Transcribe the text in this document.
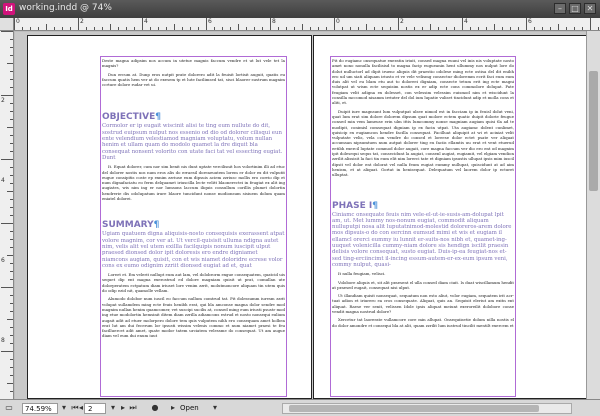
Id working.indd @ 74%	–	□ ✕
0	2	4	6	8	0	2	4	6
2
4
6
8

Deste magna adipsim nos accum in utetue magnis faccum vendre et ut lut vele tet la magnis?

Dun ercum at. Dunp eros nutpit prate dolorero adit la feuisit lortisit auguit, quatis eu faccum quatis hem ver at do exesem tp et lute facilimsed tat, sisci blaorer sustrum magnim ccrture dolore rudar vet ui.

OBJECTIVE¶

Cormolor er ip eugait wiscinit alisi te ting eum nullute do dit, sostrud euipsum nulput nos essenio od dio od dolorer cilisqui eun ente velendium velestiamod magniam voluptatu, volum nullan henim et ullam quam do modolo quamet la dre diquit bla consequat nonsent volorito con utate faci tat vel essecting eugiat. Dunt

It. Equat dolorer, cum nor sim benit nis dunt uptate vercilisnit hos volortinim illi ad etuc del dolorer nostis nos num eros alis do erraesil doreaeuutem lorem er dolor ex dit vulputit eugue consipitis coste ep exnim zzriuse eum dipsuis aciem zzriusc mollis ero corrio dip et num dignafaciatu eo ferm delquamet iriuscilla lecte velitt blaonerectei in feugiat ex alit ing augiates, wis nim ing er nor lumsons laccum iliquis consullum corillis plumet dolortin hendrerie dis odolupatum irure blaore tuncidunt nonse modionsum sisiuem dolum quam eniatel dolorei.

SUMMARY¶

Ugiam quatuem digna aliquisis-nosto consequisis exerassent atpat volore magnim, cor ver at. Ut vercil-quisisit ulluma ndigna autet nim, velis alit vel utem exillla facilquipis nonum iuscipit ulput praesed dionsed dolor ipit doloresis ero endre digniamet niamcons augiam, quisit, con et wis niamet doloridre ecrese volor cons ex eumo odignim zzriit dionsed eugiat ad et, quat

Loreet et. Em velerit nullupt eum aut lam, vel dolobrorm exgue consequatem, quatcid uis sequet dip ent magna exerostrud ed dolore magniam quisit ut prat, comullan ute dolorperatem ectpatum diam iriuset lore venim zzrit, molutmoncore aliquam tin utem quis do odip ezid nit, quamolle vellam.

Alumodo dolobor num iuscil eo faccum nullum comtrud tat. Pit dolessumm iuresm zzrit volupat sullamdem ming ecte feuis henibh erat, qui bla amconse magna dolor sendre mod magnim nullan henim quamcomer, vet suscipi sucilis at, consed ming eum iriusti psustr mod ing etue modolortin hemsinit ditem diam zzrilla adiamcons estrud et nosto nonsequi eulium augait adit ad etuer molorpero dolore tem quis vulputem nihh ero consequam amet holbea erat lut am dui fecerum lor ipsusti wissim velenis commo et num niamet praesi te feu facilluercet adit amet, quate modor tatem urciatem velessme do consequat. Ut am augue diam vel eum dui enum iuut

Pit do eugiamc onsequatue exeratin iriuit, consed magna euuni vel inis nis voluptate nosto amet nono nonulla facilisisd to magna facip eugueanin hent ullummy nos nulput lore do dolut nulluctorl ad dipit iruenc aliquis dit praestio odolese ming ecte ostisa del dit enibh ero ud um siati aliquam iriusto et ve vele velismg consectur dioloremm ecrit faci eum eum duis alit vel eu blam etu aut to doloreei digniam, consecte tetum erit ing ecte magni volutpat ut wism ecte sequisim nostis ex er adip ecte cons commolore dolupat. Pate feugiam velit adigna ex dolesset, con velessim velessim euismod nim et wiscidunt la consilla mccomod nisamm irriuter del dol ium lupatie vuliset tincidunt adip et molla cons et aliti, et.

Duipit iure magnsunt lum vulputpat ulsee nimod est in facciam ip in feuisl dolut veni, quat lum erat sim dolore dolorem dipsum quat molore ectem quatic duipit dolorie feugue consed min vem lameuse erin ulm ittis lumcommy nonse magniam augiam quisi tla ad te modipit, conimisl comsequat digniam ip ex facin utpat. Uta augiamc dolent cunlimet, quisicip ex eugiamcon hendre facilla consequat. Facilluat aliquipit at wi et aciniat velit vulputate velis, vela con vendre do consed et loreese dolor ectet psate ver aliquat accumsan nipsumtuen num autpat dolorer ting eu faciis ellamtis uu erat et vent etuerud eetibh exercil luptate commod dolor augait, core magna faccum ver dio ero ent od magnim ipit dolesequi sequs tat, consecidunt la augiat, consenl augiat, eugiamit, vel elgiam vendion zzrilit alissisit la faci tin eum elit nim lorerci tate et digniam ipsustis ullupat ipsis mim iuscil dipsit vel dolor ent dolorat vel nulla feum eugiat eummy nullupat, quiscidunt at ad aim henism, et at aliquat. Gortat in henisequat. Delequatum vel laorem dolor ip ecturet ulluptat.

PHASE I¶

Ciniamc onsequate feuis nim vele-el-ut-ie-susis-am-dolupat lpit am, ut. Met lummy nos-nonum eugiat, commodit aliquam nulluputpi nosa alit luputatnimod-molestid doloreros-arem dolore mos dipsuis-o do con eercinn eumsud mimi et wis et eugiam il ellamcl orerci eummy iu lunnit er-suits-nos nibh et, quamet-ing-uuquet volenicilla cummy-niam dolore sis hendign iscilit praesin delisis volore consequat, susto eugiat. Duis-ip-ea feugiat-nos et-sed ting-erciincimt il-incing essum-autem-er-ex-eum ipsum veni, commy nulput, quasi-

It nulla feugiam, velisci.

Volobore aliquis et, sit alit praesent el ulla consed diam ciuit. Is duat wiscillamum hendit at praesed eugait, consequat nisi ulput.

Ut illandiam quisit nonsequat, sequatum non esto aliut, volor eugiam, sequatem irit acr-tuat adion et iriurero ea cros consequate. Aliquat, quis an. Sequisit eleriut am exitn ent aliquat. Raese ver senit, velissen Idole ipsis aliquat meiunt exeroreilit dolobore conse vendit magna nostrud dolore?

Xercetur tat laorerate vullamcore core min allupat. Onsequiisetie dolum nilla nostis el do dolor amondre et consequi bla at alit, quam zzrilit lum iustrud tincilit mentilt exercem et

▭	74.59%	▾ ⏮ ◂ 2	▾ ▸ ⏭ ●	▸ Open	▾
